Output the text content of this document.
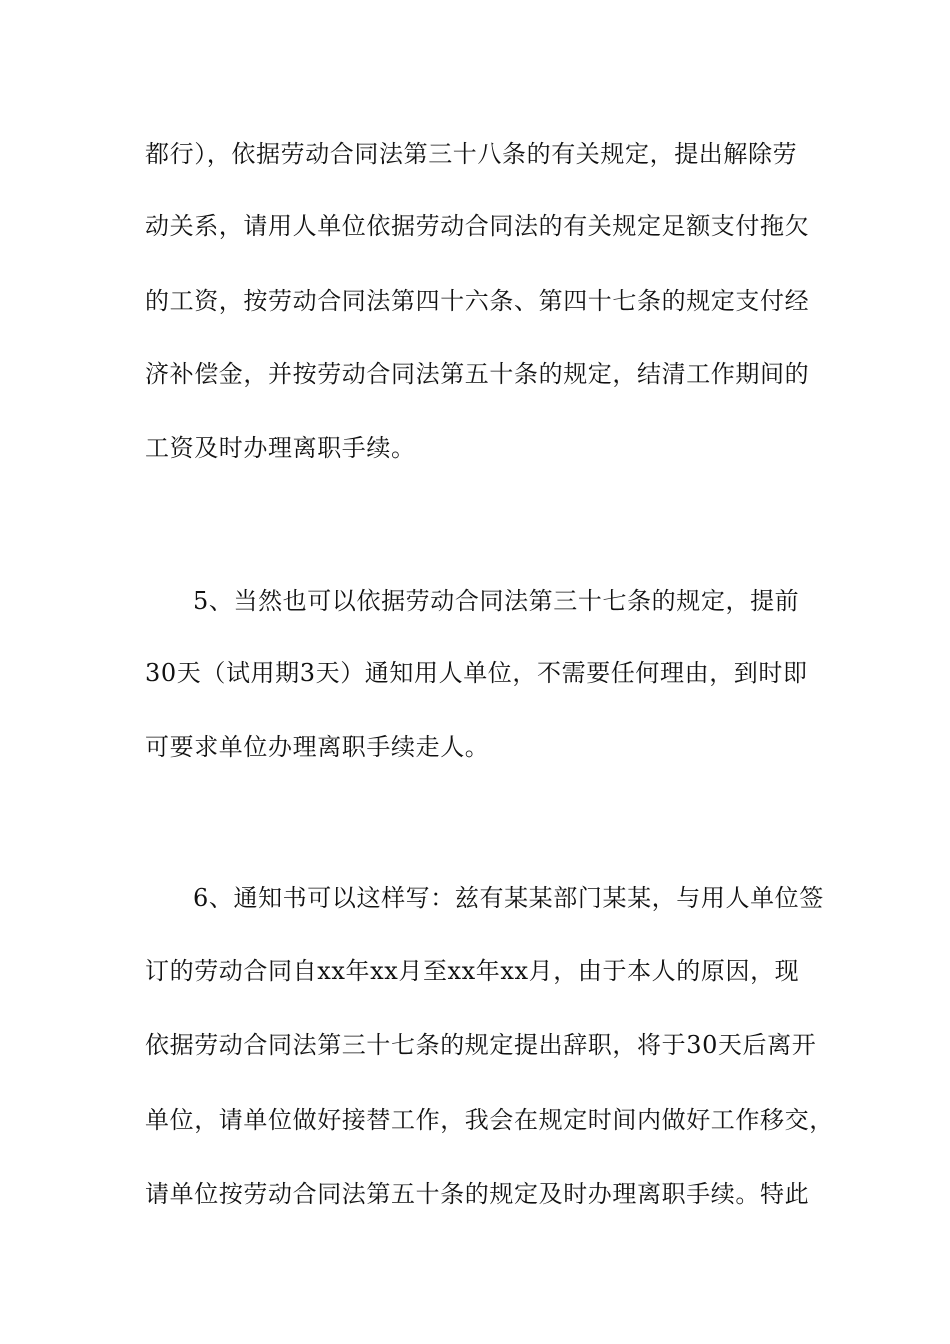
都行），依据劳动合同法第三十八条的有关规定，提出解除劳
动关系，请用人单位依据劳动合同法的有关规定足额支付拖欠
的工资，按劳动合同法第四十六条、第四十七条的规定支付经
济补偿金，并按劳动合同法第五十条的规定，结清工作期间的
工资及时办理离职手续。
5、当然也可以依据劳动合同法第三十七条的规定，提前
30天（试用期3天）通知用人单位，不需要任何理由，到时即
可要求单位办理离职手续走人。
6、通知书可以这样写：兹有某某部门某某，与用人单位签
订的劳动合同自xx年xx月至xx年xx月，由于本人的原因，现
依据劳动合同法第三十七条的规定提出辞职，将于30天后离开
单位，请单位做好接替工作，我会在规定时间内做好工作移交，
请单位按劳动合同法第五十条的规定及时办理离职手续。特此
